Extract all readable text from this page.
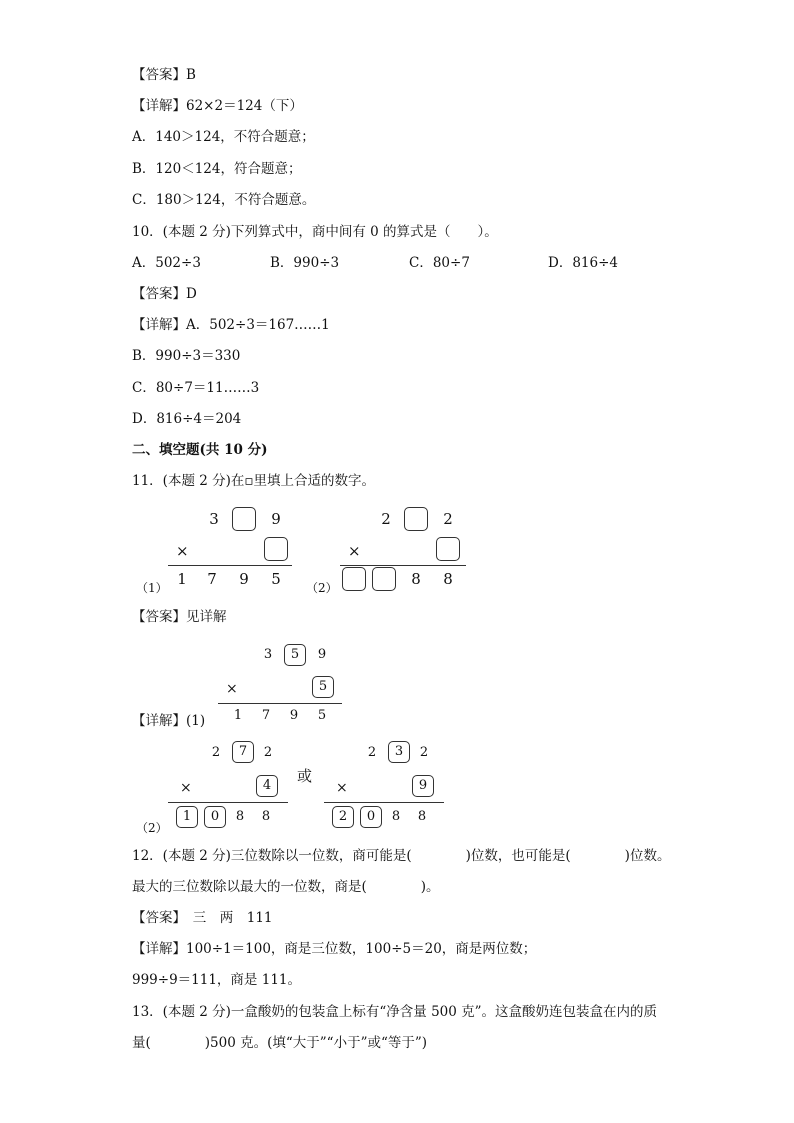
【答案】B
【详解】62×2＝124（下）
A．140＞124，不符合题意；
B．120＜124，符合题意；
C．180＞124，不符合题意。
10．(本题 2 分)下列算式中，商中间有 0 的算式是（　　）。
A．502÷3	B．990÷3	C．80÷7	D．816÷4
【答案】D
【详解】A．502÷3＝167……1
B．990÷3＝330
C．80÷7＝11……3
D．816÷4＝204
二、填空题(共 10 分)
11．(本题 2 分)在▫里填上合适的数字。
（1）
3	9
×
1	7	9	5	（2）
2	2
×
8	8
【答案】见详解
3	5	9
×	5
1	7	9	5
【详解】(1)
（2）
2	7	2
×	4
1	0	8	8
或
2	3	2
×	9
2	0	8	8
12．(本题 2 分)三位数除以一位数，商可能是(　　　　)位数，也可能是(　　　　)位数。
最大的三位数除以最大的一位数，商是(　　　　)。
【答案】　三　两　111
【详解】100÷1＝100，商是三位数，100÷5＝20，商是两位数；
999÷9＝111，商是 111。
13．(本题 2 分)一盒酸奶的包装盒上标有“净含量 500 克”。这盒酸奶连包装盒在内的质
量(　　　　)500 克。(填“大于”“小于”或“等于”)
